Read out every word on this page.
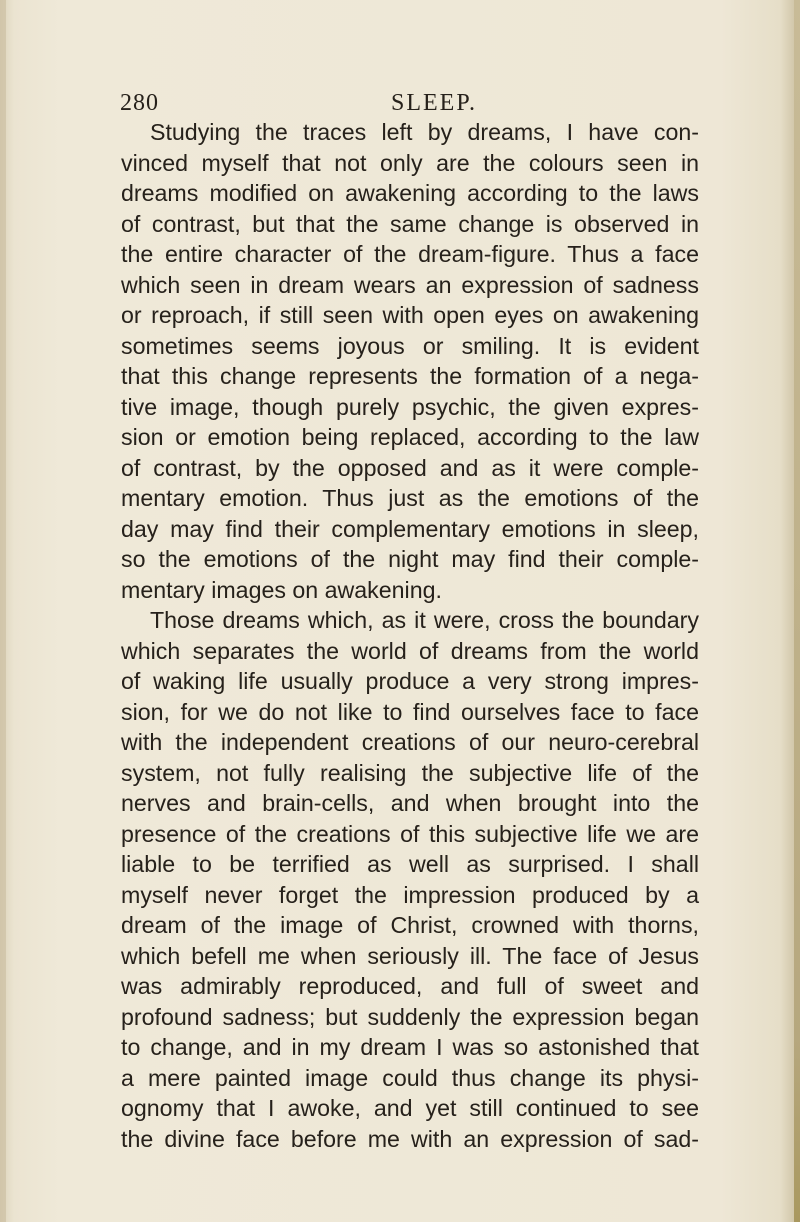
280	SLEEP.
Studying the traces left by dreams, I have con-
vinced myself that not only are the colours seen in
dreams modified on awakening according to the laws
of contrast, but that the same change is observed in
the entire character of the dream-figure. Thus a face
which seen in dream wears an expression of sadness
or reproach, if still seen with open eyes on awakening
sometimes seems joyous or smiling. It is evident
that this change represents the formation of a nega-
tive image, though purely psychic, the given expres-
sion or emotion being replaced, according to the law
of contrast, by the opposed and as it were comple-
mentary emotion. Thus just as the emotions of the
day may find their complementary emotions in sleep,
so the emotions of the night may find their comple-
mentary images on awakening.
Those dreams which, as it were, cross the boundary
which separates the world of dreams from the world
of waking life usually produce a very strong impres-
sion, for we do not like to find ourselves face to face
with the independent creations of our neuro-cerebral
system, not fully realising the subjective life of the
nerves and brain-cells, and when brought into the
presence of the creations of this subjective life we are
liable to be terrified as well as surprised. I shall
myself never forget the impression produced by a
dream of the image of Christ, crowned with thorns,
which befell me when seriously ill. The face of Jesus
was admirably reproduced, and full of sweet and
profound sadness; but suddenly the expression began
to change, and in my dream I was so astonished that
a mere painted image could thus change its physi-
ognomy that I awoke, and yet still continued to see
the divine face before me with an expression of sad-
